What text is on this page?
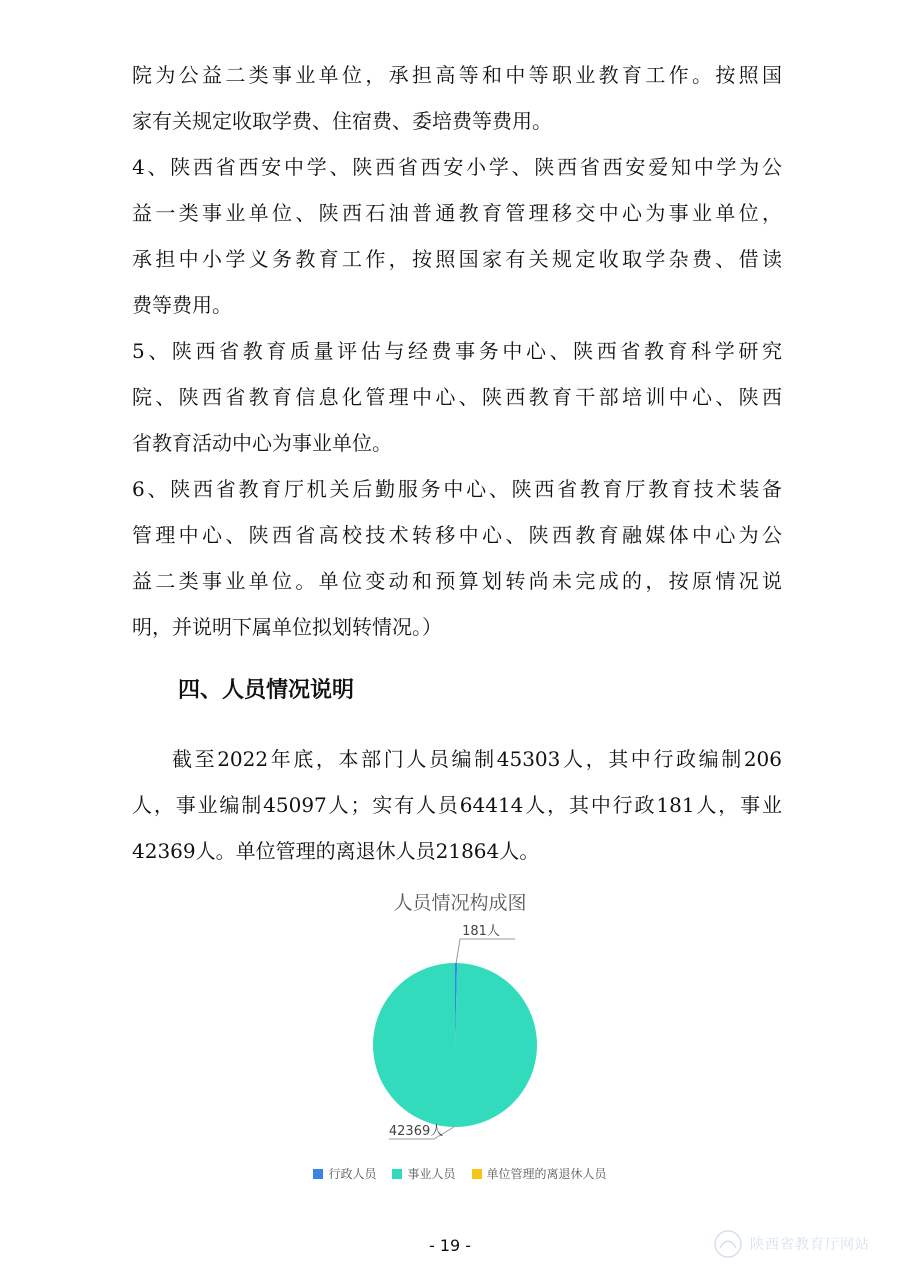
院为公益二类事业单位，承担高等和中等职业教育工作。按照国
家有关规定收取学费、住宿费、委培费等费用。
4、陕西省西安中学、陕西省西安小学、陕西省西安爱知中学为公
益一类事业单位、陕西石油普通教育管理移交中心为事业单位，
承担中小学义务教育工作，按照国家有关规定收取学杂费、借读
费等费用。
5、陕西省教育质量评估与经费事务中心、陕西省教育科学研究
院、陕西省教育信息化管理中心、陕西教育干部培训中心、陕西
省教育活动中心为事业单位。
6、陕西省教育厅机关后勤服务中心、陕西省教育厅教育技术装备
管理中心、陕西省高校技术转移中心、陕西教育融媒体中心为公
益二类事业单位。单位变动和预算划转尚未完成的，按原情况说
明，并说明下属单位拟划转情况。）
四、人员情况说明
截至2022年底，本部门人员编制45303人，其中行政编制206
人，事业编制45097人；实有人员64414人，其中行政181人，事业
42369人。单位管理的离退休人员21864人。
人员情况构成图
181人
42369人
行政人员	事业人员	单位管理的离退休人员
- 19 -	陕西省教育厅网站
